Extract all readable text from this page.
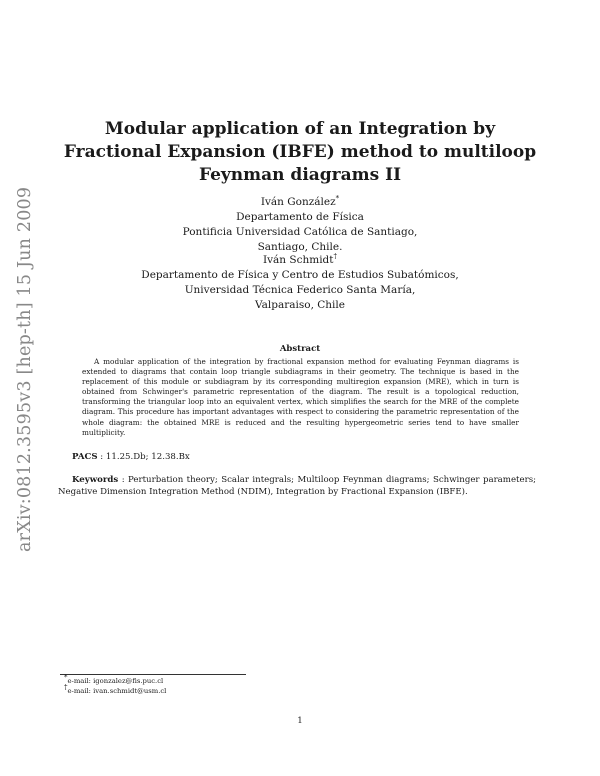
arXiv:0812.3595v3 [hep-th] 15 Jun 2009
Modular application of an Integration by Fractional Expansion (IBFE) method to multiloop Feynman diagrams II
Iván González*
Departamento de Física
Pontificia Universidad Católica de Santiago,
Santiago, Chile.
Iván Schmidt†
Departamento de Física y Centro de Estudios Subatómicos,
Universidad Técnica Federico Santa María,
Valparaiso, Chile
Abstract
A modular application of the integration by fractional expansion method for evaluating Feynman diagrams is extended to diagrams that contain loop triangle subdiagrams in their geometry. The technique is based in the replacement of this module or subdiagram by its corresponding multiregion expansion (MRE), which in turn is obtained from Schwinger's parametric representation of the diagram. The result is a topological reduction, transforming the triangular loop into an equivalent vertex, which simplifies the search for the MRE of the complete diagram. This procedure has important advantages with respect to considering the parametric representation of the whole diagram: the obtained MRE is reduced and the resulting hypergeometric series tend to have smaller multiplicity.
PACS : 11.25.Db; 12.38.Bx
Keywords : Perturbation theory; Scalar integrals; Multiloop Feynman diagrams; Schwinger parameters; Negative Dimension Integration Method (NDIM), Integration by Fractional Expansion (IBFE).
*e-mail: igonzalez@fis.puc.cl
†e-mail: ivan.schmidt@usm.cl
1
